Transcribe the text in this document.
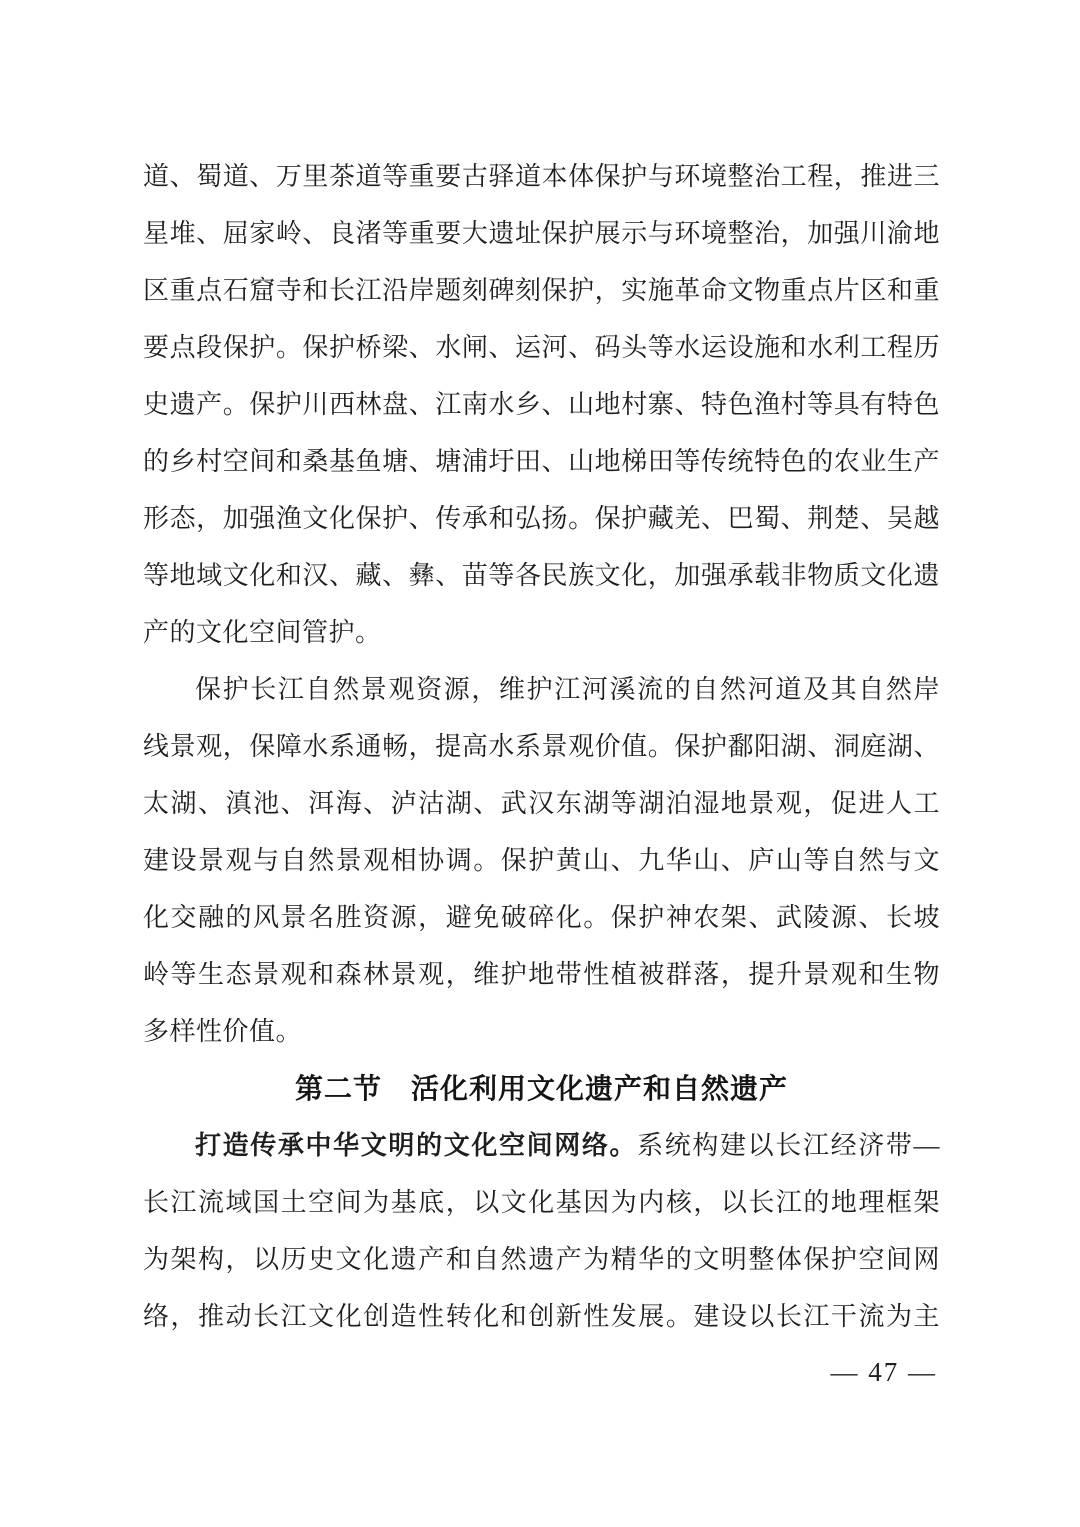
道、蜀道、万里茶道等重要古驿道本体保护与环境整治工程，推进三
星堆、屈家岭、良渚等重要大遗址保护展示与环境整治，加强川渝地
区重点石窟寺和长江沿岸题刻碑刻保护，实施革命文物重点片区和重
要点段保护。保护桥梁、水闸、运河、码头等水运设施和水利工程历
史遗产。保护川西林盘、江南水乡、山地村寨、特色渔村等具有特色
的乡村空间和桑基鱼塘、塘浦圩田、山地梯田等传统特色的农业生产
形态，加强渔文化保护、传承和弘扬。保护藏羌、巴蜀、荆楚、吴越
等地域文化和汉、藏、彝、苗等各民族文化，加强承载非物质文化遗
产的文化空间管护。
保护长江自然景观资源，维护江河溪流的自然河道及其自然岸
线景观，保障水系通畅，提高水系景观价值。保护鄱阳湖、洞庭湖、
太湖、滇池、洱海、泸沽湖、武汉东湖等湖泊湿地景观，促进人工
建设景观与自然景观相协调。保护黄山、九华山、庐山等自然与文
化交融的风景名胜资源，避免破碎化。保护神农架、武陵源、长坡
岭等生态景观和森林景观，维护地带性植被群落，提升景观和生物
多样性价值。
第二节　活化利用文化遗产和自然遗产
打造传承中华文明的文化空间网络。系统构建以长江经济带—
长江流域国土空间为基底，以文化基因为内核，以长江的地理框架
为架构，以历史文化遗产和自然遗产为精华的文明整体保护空间网
络，推动长江文化创造性转化和创新性发展。建设以长江干流为主
— 47 —
